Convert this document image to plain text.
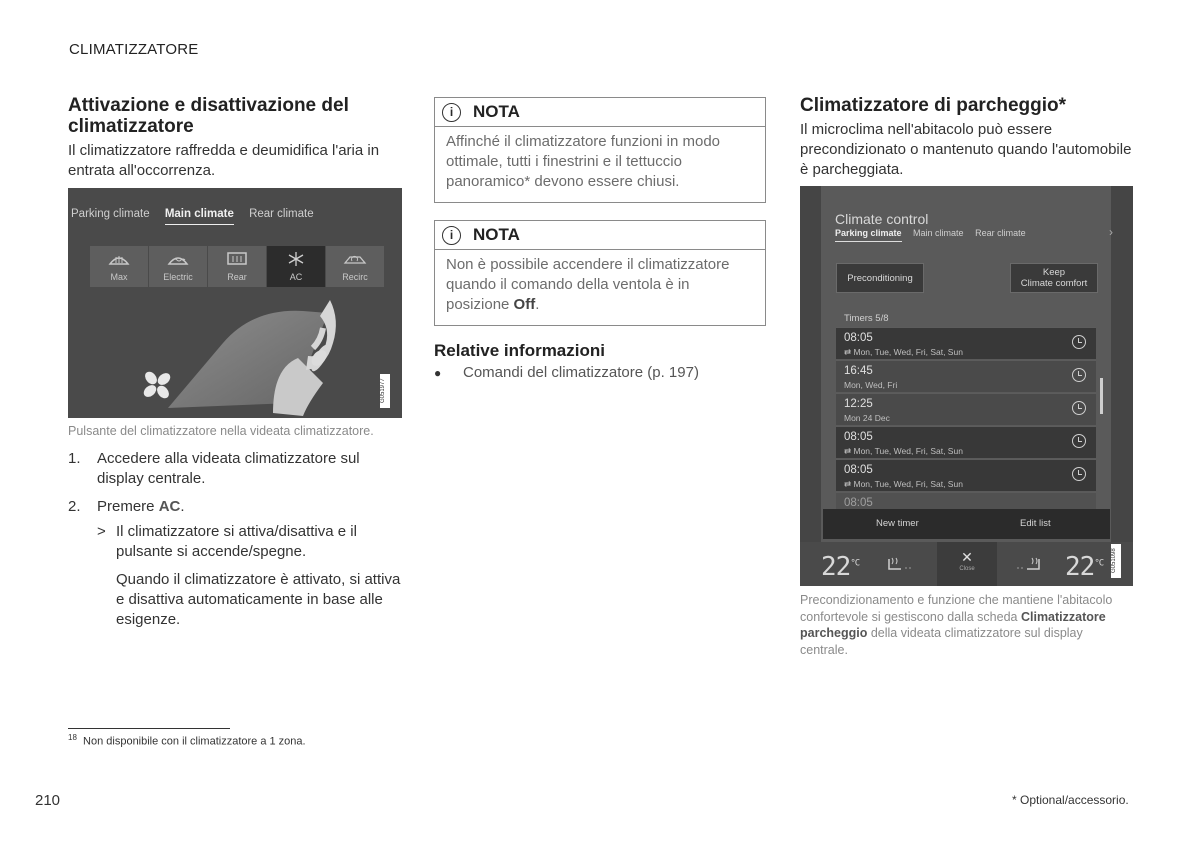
CLIMATIZZATORE
Attivazione e disattivazione del climatizzatore

Il climatizzatore raffredda e deumidifica l'aria in entrata all'occorrenza.

Parking climate Main climate Rear climate
Max	Electric	Rear	AC	Recirc
G051977
Pulsante del climatizzatore nella videata climatizzatore.
1.	Accedere alla videata climatizzatore sul display centrale.
2.	Premere AC.
> Il climatizzatore si attiva/disattiva e il pulsante si accende/spegne.
Quando il climatizzatore è attivato, si attiva e disattiva automaticamente in base alle esigenze.
i	NOTA
Affinché il climatizzatore funzioni in modo ottimale, tutti i finestrini e il tettuccio panoramico* devono essere chiusi.
i	NOTA
Non è possibile accendere il climatizzatore quando il comando della ventola è in posizione Off.
Relative informazioni
●	Comandi del climatizzatore (p. 197)
Climatizzatore di parcheggio*

Il microclima nell'abitacolo può essere precondizionato o mantenuto quando l'automobile è parcheggiata.

Climate control
Parking climate Main climate Rear climate	›
Preconditioning	Keep
Climate comfort
Timers 5/8
08:05
⇄ Mon, Tue, Wed, Fri, Sat, Sun
16:45
Mon, Wed, Fri
12:25
Mon 24 Dec
08:05
⇄ Mon, Tue, Wed, Fri, Sat, Sun
08:05
⇄ Mon, Tue, Wed, Fri, Sat, Sun
08:05
New timer	Edit list
$22^{^\circ C}$	✕
Close	$22^{^\circ C}$ G051098
Precondizionamento e funzione che mantiene l'abitacolo confortevole si gestiscono dalla scheda Climatizzatore parcheggio della videata climatizzatore sul display centrale.
$^{18}$ Non disponibile con il climatizzatore a 1 zona.
210	* Optional/accessorio.
